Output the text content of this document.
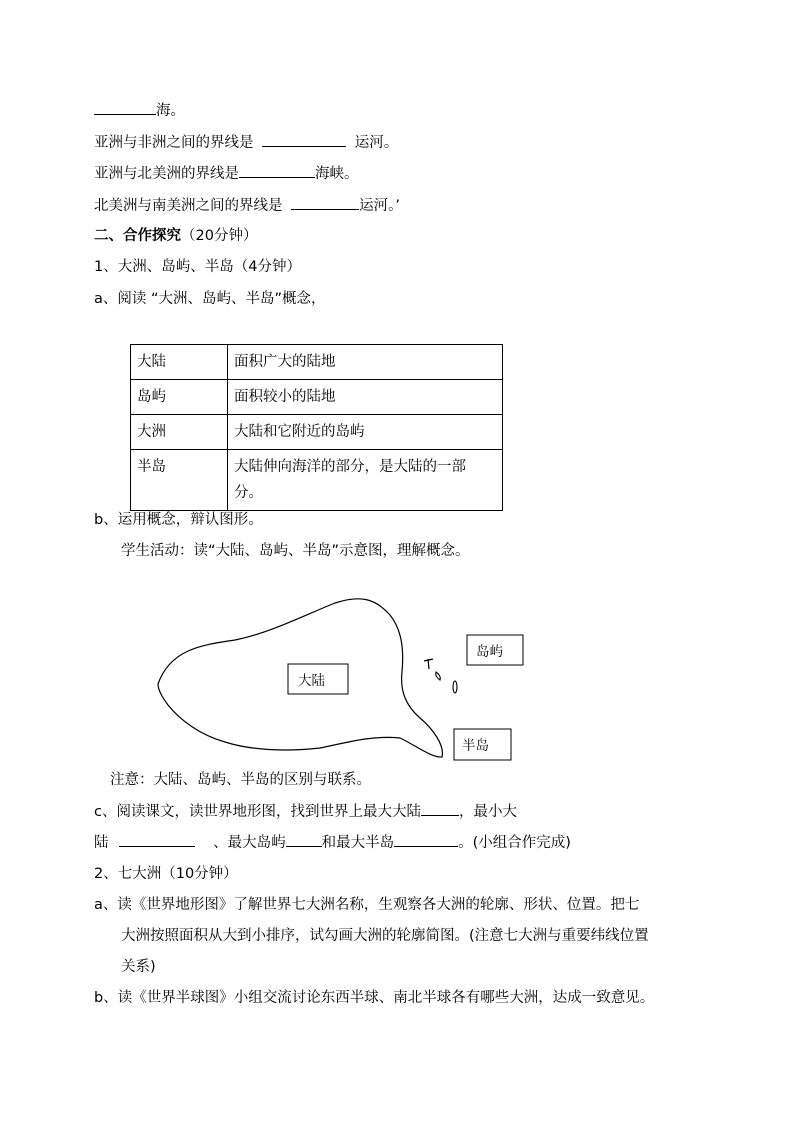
海。
亚洲与非洲之间的界线是	运河。
亚洲与北美洲的界线是	海峡。
北美洲与南美洲之间的界线是	运河。’
二、合作探究（20分钟）
1、大洲、岛屿、半岛（4分钟）
a、阅读 “大洲、岛屿、半岛”概念，
大陆	面积广大的陆地
岛屿	面积较小的陆地
大洲	大陆和它附近的岛屿
半岛	大陆伸向海洋的部分，是大陆的一部
分。
b、运用概念，辩认图形。
学生活动：读“大陆、岛屿、半岛”示意图，理解概念。
大陆
岛屿
半岛
注意：大陆、岛屿、半岛的区别与联系。
c、阅读课文，读世界地形图，找到世界上最大大陆	，最小大
陆	、最大岛屿 和最大半岛	。(小组合作完成)
2、七大洲（10分钟）
a、读《世界地形图》了解世界七大洲名称，生观察各大洲的轮廓、形状、位置。把七
大洲按照面积从大到小排序，试勾画大洲的轮廓简图。(注意七大洲与重要纬线位置
关系)
b、读《世界半球图》小组交流讨论东西半球、南北半球各有哪些大洲，达成一致意见。
